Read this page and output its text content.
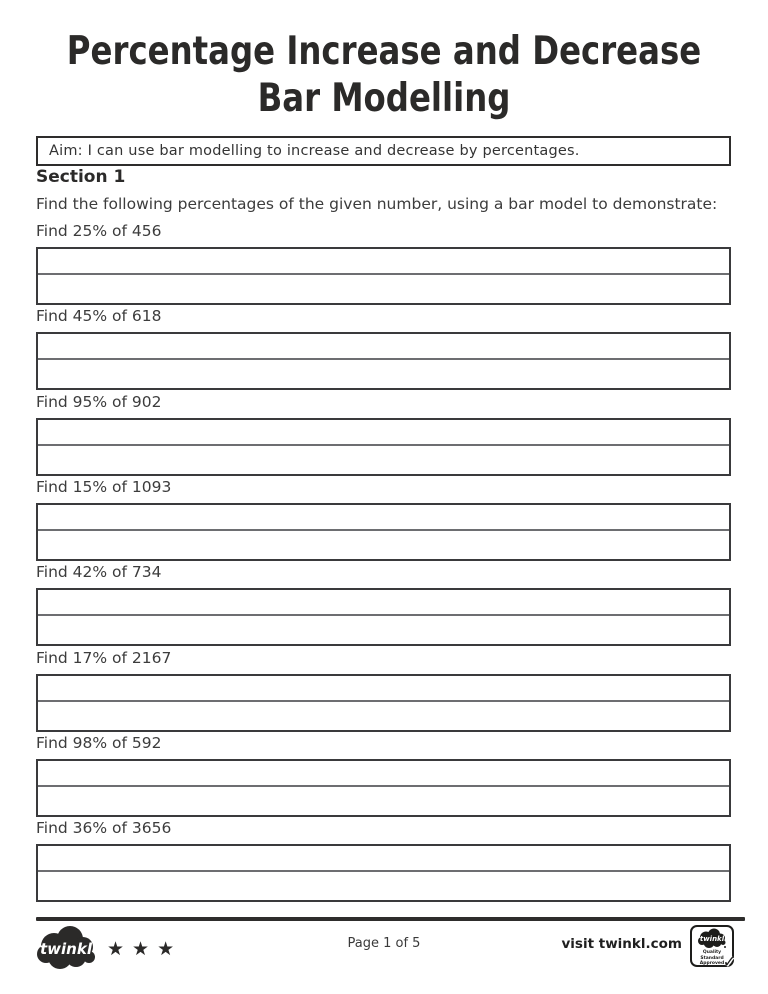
Percentage Increase and Decrease
Bar Modelling
Aim: I can use bar modelling to increase and decrease by percentages.
Section 1
Find the following percentages of the given number, using a bar model to demonstrate:
Find 25% of 456
Find 45% of 618
Find 95% of 902
Find 15% of 1093
Find 42% of 734
Find 17% of 2167
Find 98% of 592
Find 36% of 3656
twinkl ★★★	Page 1 of 5	visit twinkl.com twinkl
Quality Standard
Approved
✓
